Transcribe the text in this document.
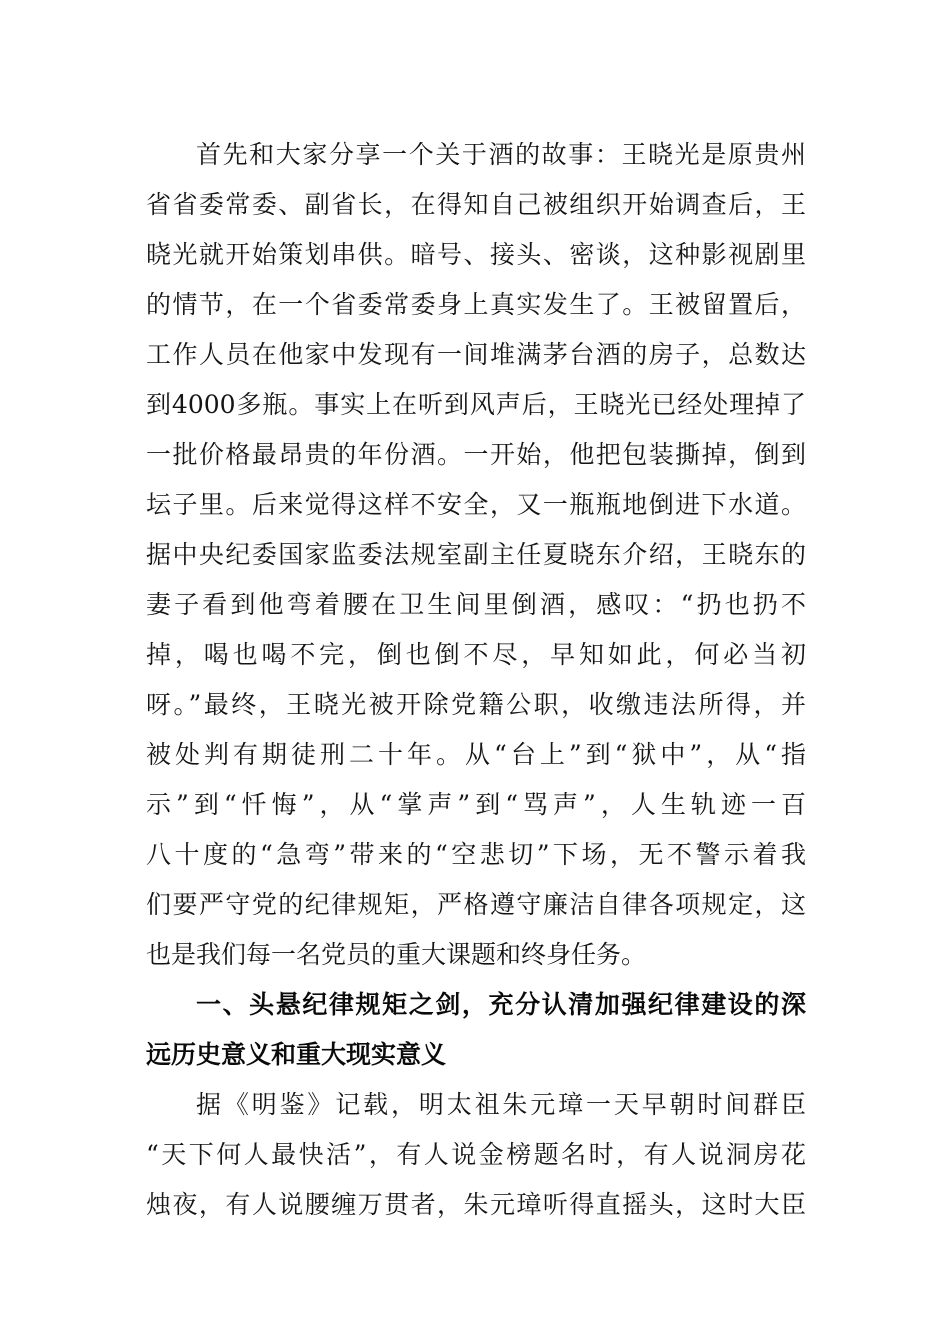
首先和大家分享一个关于酒的故事：王晓光是原贵州
省省委常委、副省长，在得知自己被组织开始调查后，王
晓光就开始策划串供。暗号、接头、密谈，这种影视剧里
的情节，在一个省委常委身上真实发生了。王被留置后，
工作人员在他家中发现有一间堆满茅台酒的房子，总数达
到4000多瓶。事实上在听到风声后，王晓光已经处理掉了
一批价格最昂贵的年份酒。一开始，他把包装撕掉，倒到
坛子里。后来觉得这样不安全，又一瓶瓶地倒进下水道。
据中央纪委国家监委法规室副主任夏晓东介绍，王晓东的
妻子看到他弯着腰在卫生间里倒酒，感叹：“扔也扔不
掉，喝也喝不完，倒也倒不尽，早知如此，何必当初
呀。”最终，王晓光被开除党籍公职，收缴违法所得，并
被处判有期徒刑二十年。从“台上”到“狱中”，从“指
示”到“忏悔”，从“掌声”到“骂声”，人生轨迹一百
八十度的“急弯”带来的“空悲切”下场，无不警示着我
们要严守党的纪律规矩，严格遵守廉洁自律各项规定，这
也是我们每一名党员的重大课题和终身任务。
一、头悬纪律规矩之剑，充分认清加强纪律建设的深
远历史意义和重大现实意义
据《明鉴》记载，明太祖朱元璋一天早朝时间群臣
“天下何人最快活”，有人说金榜题名时，有人说洞房花
烛夜，有人说腰缠万贯者，朱元璋听得直摇头，这时大臣
